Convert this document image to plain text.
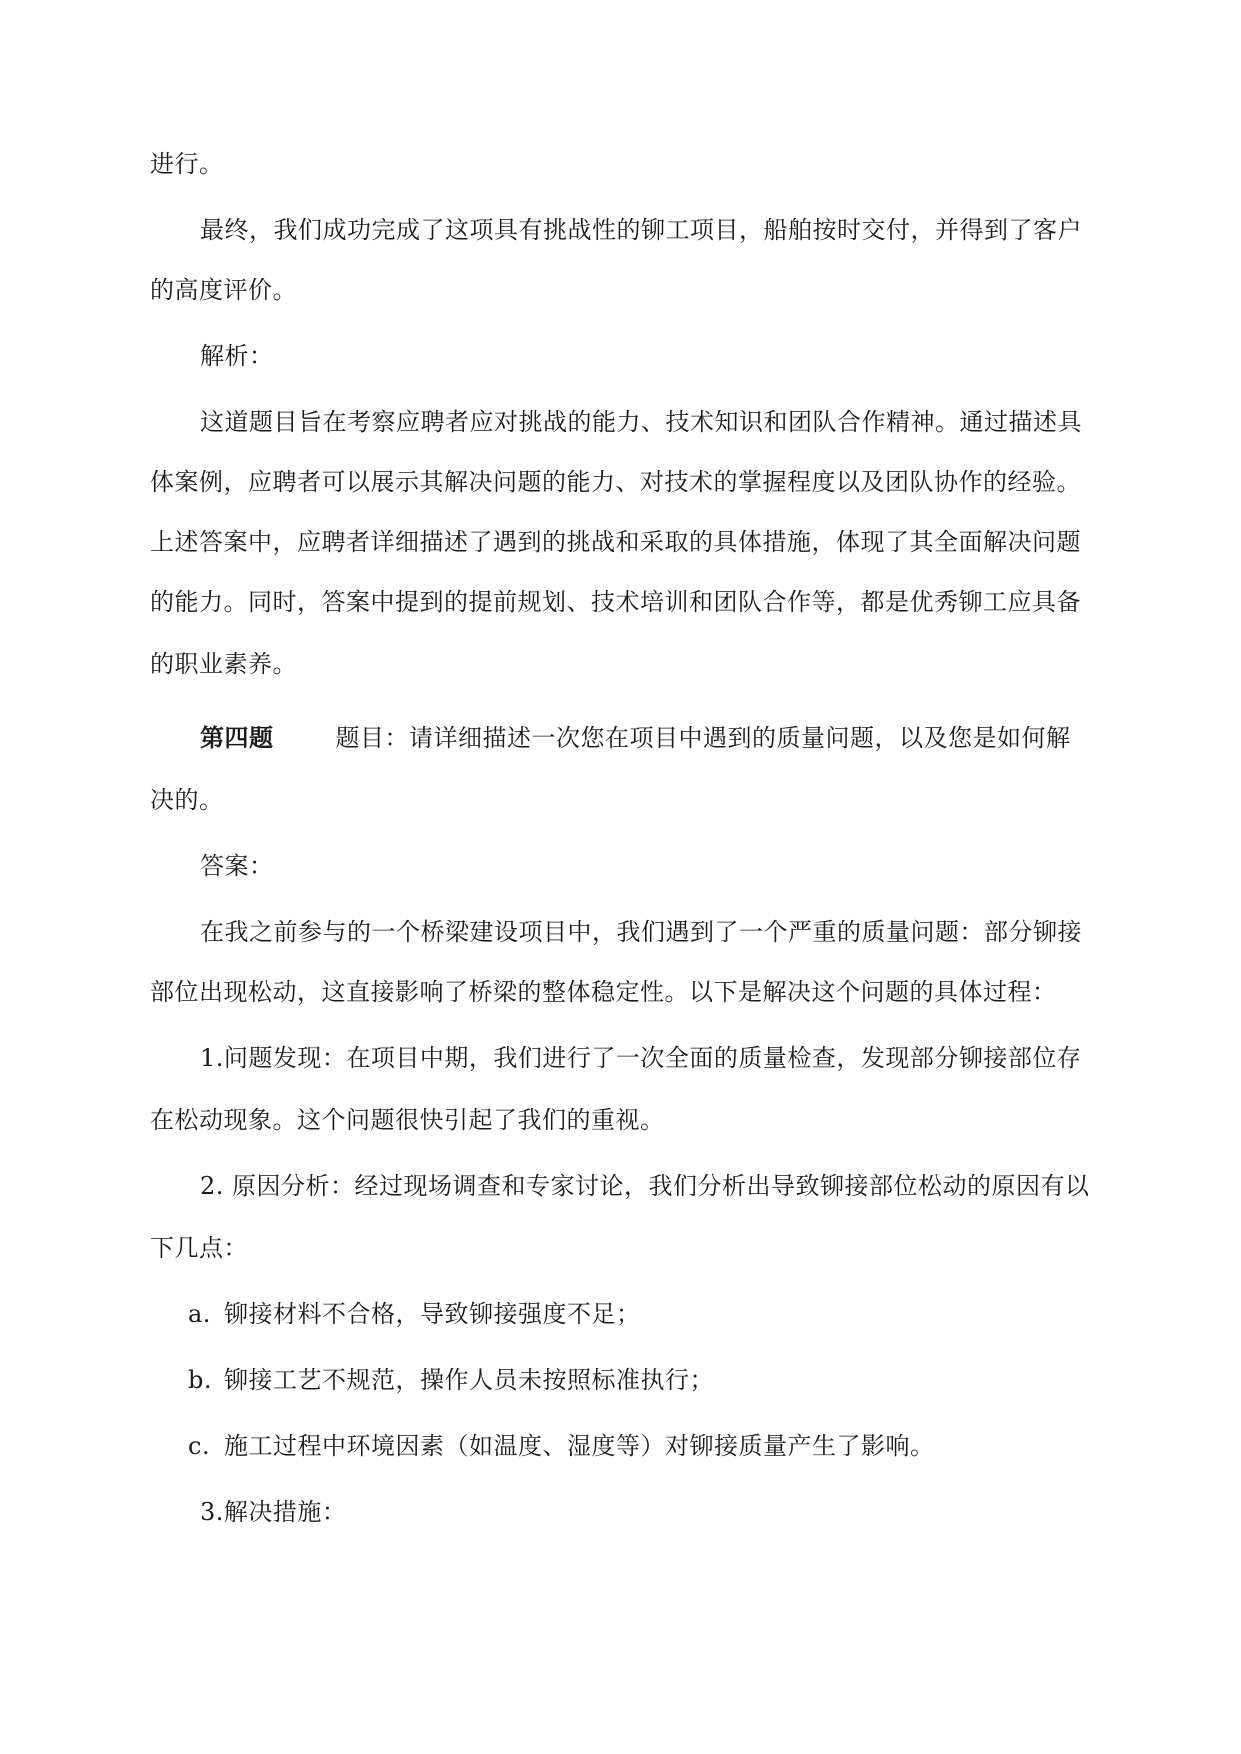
进行。
最终，我们成功完成了这项具有挑战性的铆工项目，船舶按时交付，并得到了客户
的高度评价。
解析：
这道题目旨在考察应聘者应对挑战的能力、技术知识和团队合作精神。通过描述具
体案例，应聘者可以展示其解决问题的能力、对技术的掌握程度以及团队协作的经验。
上述答案中，应聘者详细描述了遇到的挑战和采取的具体措施，体现了其全面解决问题
的能力。同时，答案中提到的提前规划、技术培训和团队合作等，都是优秀铆工应具备
的职业素养。
第四题	题目：请详细描述一次您在项目中遇到的质量问题，以及您是如何解
决的。
答案：
在我之前参与的一个桥梁建设项目中，我们遇到了一个严重的质量问题：部分铆接
部位出现松动，这直接影响了桥梁的整体稳定性。以下是解决这个问题的具体过程：
1.问题发现：在项目中期，我们进行了一次全面的质量检查，发现部分铆接部位存
在松动现象。这个问题很快引起了我们的重视。
2. 原因分析：经过现场调查和专家讨论，我们分析出导致铆接部位松动的原因有以
下几点：
a. 铆接材料不合格，导致铆接强度不足；
b. 铆接工艺不规范，操作人员未按照标准执行；
c. 施工过程中环境因素（如温度、湿度等）对铆接质量产生了影响。
3.解决措施：
